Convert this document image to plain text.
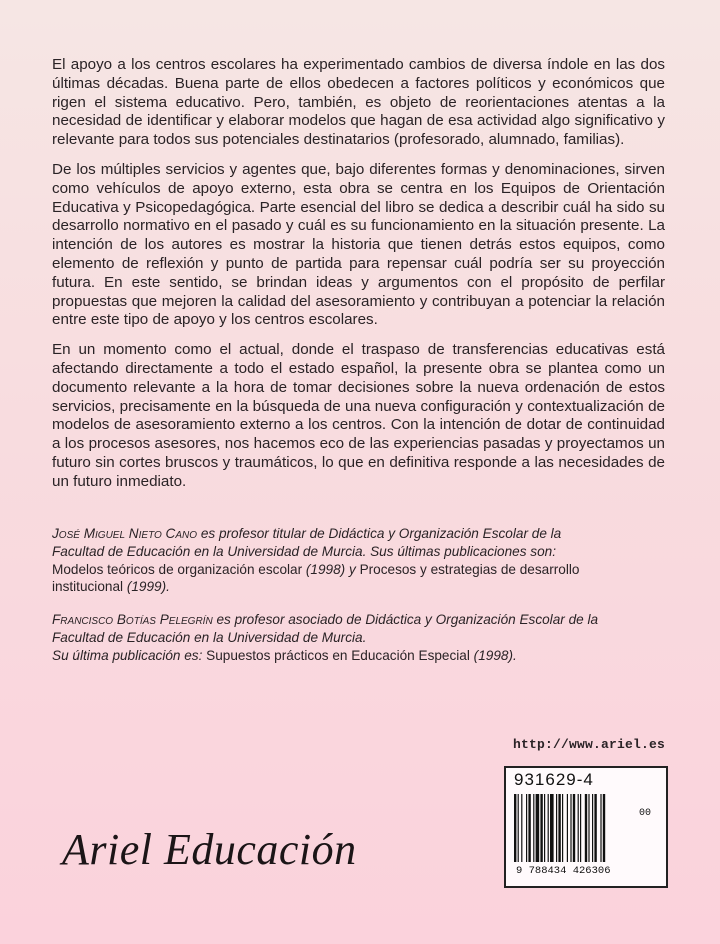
El apoyo a los centros escolares ha experimentado cambios de diversa índole en las dos últimas décadas. Buena parte de ellos obedecen a factores políticos y económicos que rigen el sistema educativo. Pero, también, es objeto de reorientaciones atentas a la necesidad de identificar y elaborar modelos que hagan de esa actividad algo significativo y relevante para todos sus potenciales destinatarios (profesorado, alumnado, familias).

De los múltiples servicios y agentes que, bajo diferentes formas y denominaciones, sirven como vehículos de apoyo externo, esta obra se centra en los Equipos de Orientación Educativa y Psicopedagógica. Parte esencial del libro se dedica a describir cuál ha sido su desarrollo normativo en el pasado y cuál es su funcionamiento en la situación presente. La intención de los autores es mostrar la historia que tienen detrás estos equipos, como elemento de reflexión y punto de partida para repensar cuál podría ser su proyección futura. En este sentido, se brindan ideas y argumentos con el propósito de perfilar propuestas que mejoren la calidad del asesoramiento y contribuyan a potenciar la relación entre este tipo de apoyo y los centros escolares.

En un momento como el actual, donde el traspaso de transferencias educativas está afectando directamente a todo el estado español, la presente obra se plantea como un documento relevante a la hora de tomar decisiones sobre la nueva ordenación de estos servicios, precisamente en la búsqueda de una nueva configuración y contextualización de modelos de asesoramiento externo a los centros. Con la intención de dotar de continuidad a los procesos asesores, nos hacemos eco de las experiencias pasadas y proyectamos un futuro sin cortes bruscos y traumáticos, lo que en definitiva responde a las necesidades de un futuro inmediato.

José Miguel Nieto Cano es profesor titular de Didáctica y Organización Escolar de la Facultad de Educación en la Universidad de Murcia. Sus últimas publicaciones son:
Modelos teóricos de organización escolar (1998) y Procesos y estrategias de desarrollo institucional (1999).
Francisco Botías Pelegrín es profesor asociado de Didáctica y Organización Escolar de la Facultad de Educación en la Universidad de Murcia.
Su última publicación es: Supuestos prácticos en Educación Especial (1998).
http://www.ariel.es
931629-4
00
9 788434 426306
Ariel Educación
